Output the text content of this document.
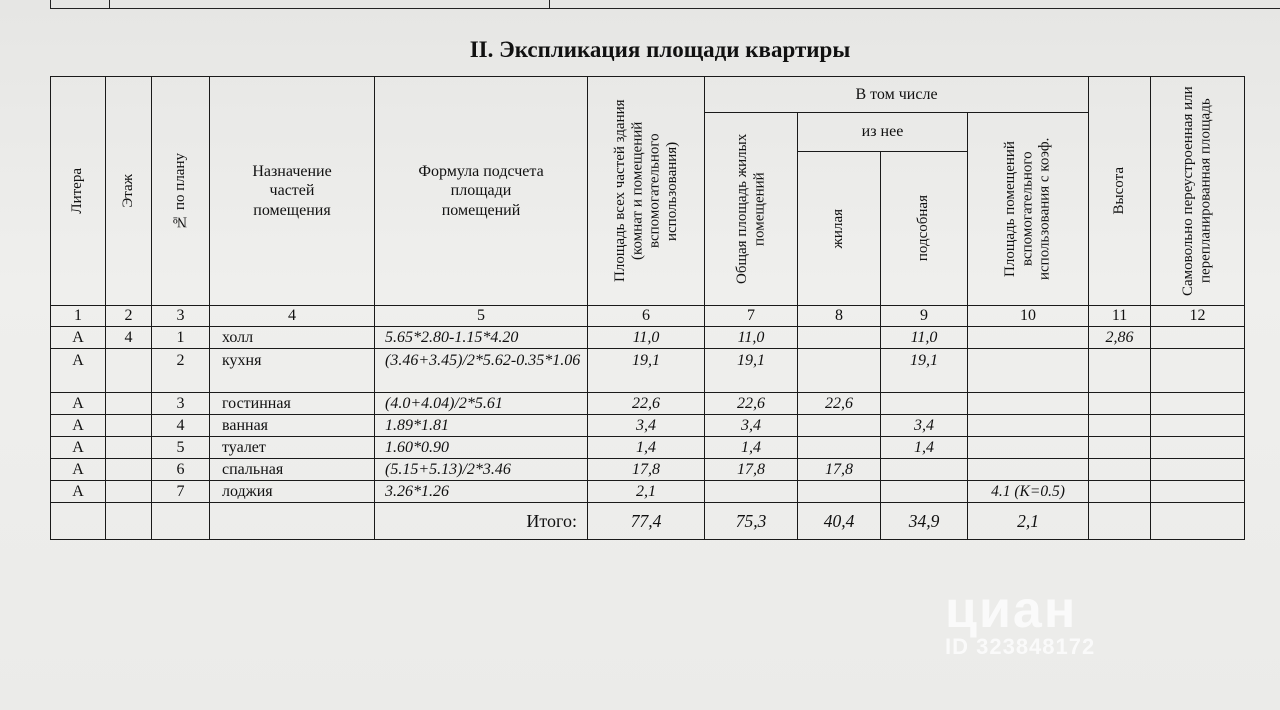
II. Экспликация площади квартиры
Литера	Этаж	№ по плану	Назначение частей помещения	Формула подсчета площади помещений	Площадь всех частей здания (комнат и помещений вспомогательного использования)	В том числе				Высота	Самовольно переустроенная или перепланированная площадь

						Общая площадь жилых помещений	из нее		Площадь помещений вспомогательного использования с коэф.		

							жилая	подсобная			

1	2	3	4	5	6	7	8	9	10	11	12
А	4	1	холл	5.65*2.80-1.15*4.20	11,0	11,0		11,0		2,86	
А		2	кухня	(3.46+3.45)/2*5.62-0.35*1.06	19,1	19,1		19,1			
А		3	гостинная	(4.0+4.04)/2*5.61	22,6	22,6	22,6				
А		4	ванная	1.89*1.81	3,4	3,4		3,4			
А		5	туалет	1.60*0.90	1,4	1,4		1,4			
А		6	спальная	(5.15+5.13)/2*3.46	17,8	17,8	17,8				
А		7	лоджия	3.26*1.26	2,1				4.1 (K=0.5)		
				Итого:	77,4	75,3	40,4	34,9	2,1		
циан
ID 323848172
